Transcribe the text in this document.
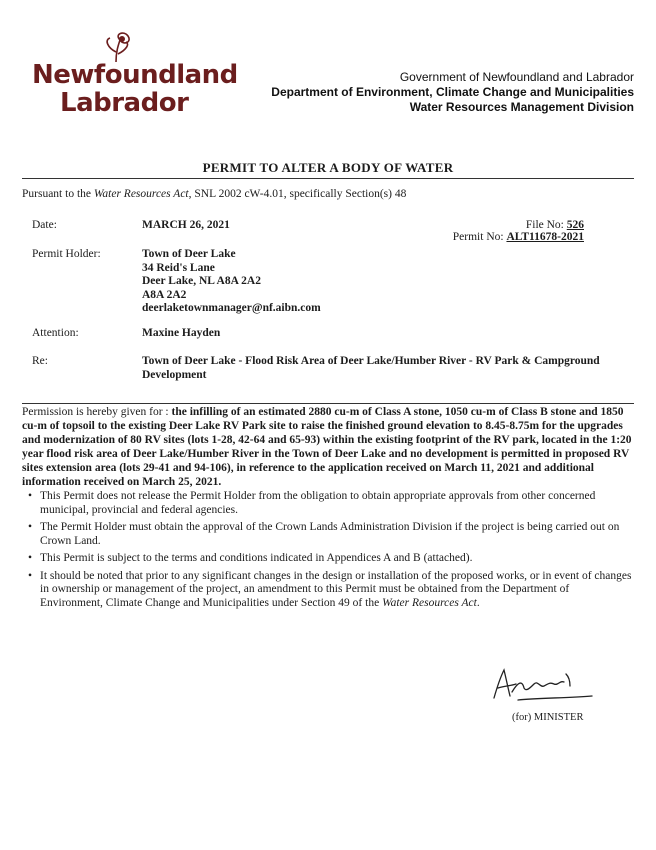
Newfoundland
Labrador
Government of Newfoundland and Labrador
Department of Environment, Climate Change and Municipalities
Water Resources Management Division
PERMIT TO ALTER A BODY OF WATER
Pursuant to the Water Resources Act, SNL 2002 cW-4.01, specifically Section(s) 48
Date:	MARCH 26, 2021	File No: 526
Permit No: ALT11678-2021
Permit Holder:	Town of Deer Lake
34 Reid's Lane
Deer Lake, NL A8A 2A2
A8A 2A2
deerlaketownmanager@nf.aibn.com
Attention:	Maxine Hayden
Re:	Town of Deer Lake - Flood Risk Area of Deer Lake/Humber River - RV Park & Campground Development
Permission is hereby given for : the infilling of an estimated 2880 cu-m of Class A stone, 1050 cu-m of Class B stone and 1850 cu-m of topsoil to the existing Deer Lake RV Park site to raise the finished ground elevation to 8.45-8.75m for the upgrades and modernization of 80 RV sites (lots 1-28, 42-64 and 65-93) within the existing footprint of the RV park, located in the 1:20 year flood risk area of Deer Lake/Humber River in the Town of Deer Lake and no development is permitted in proposed RV sites extension area (lots 29-41 and 94-106), in reference to the application received on March 11, 2021 and additional information received on March 25, 2021.
• This Permit does not release the Permit Holder from the obligation to obtain appropriate approvals from other concerned municipal, provincial and federal agencies.
• The Permit Holder must obtain the approval of the Crown Lands Administration Division if the project is being carried out on Crown Land.
• This Permit is subject to the terms and conditions indicated in Appendices A and B (attached).
• It should be noted that prior to any significant changes in the design or installation of the proposed works, or in event of changes in ownership or management of the project, an amendment to this Permit must be obtained from the Department of Environment, Climate Change and Municipalities under Section 49 of the Water Resources Act.
(for) MINISTER
